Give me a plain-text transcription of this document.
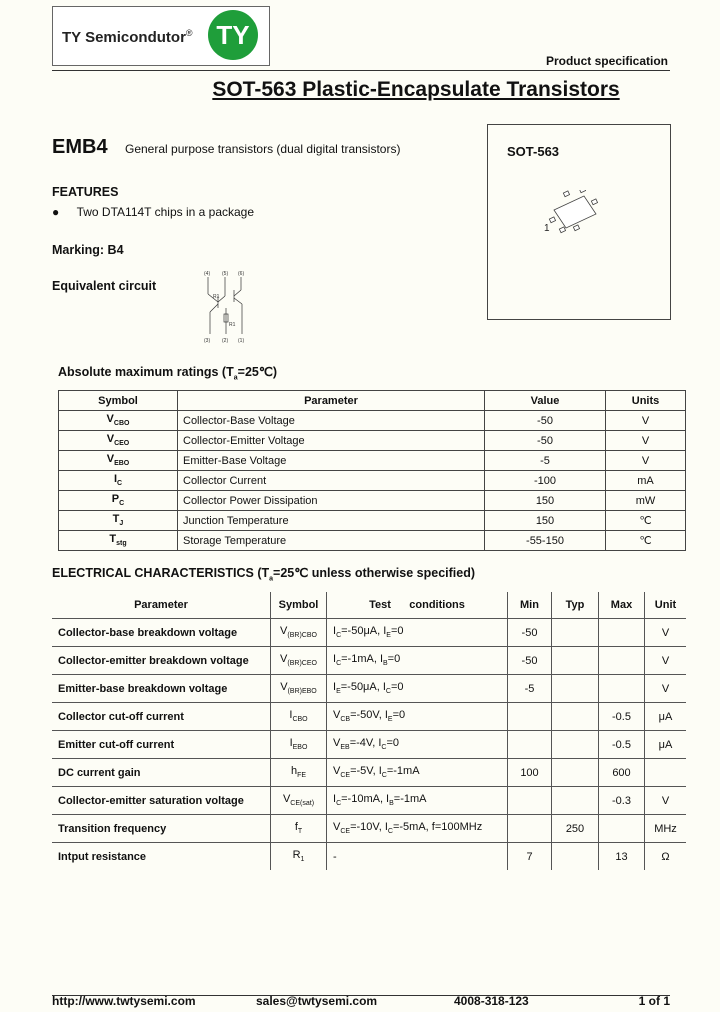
TY Semicondutor® TY
Product specification
SOT-563 Plastic-Encapsulate Transistors
SOT-563
1
EMB4 General purpose transistors (dual digital transistors)
FEATURES
● Two DTA114T chips in a package
Marking: B4
Equivalent circuit
(4) (5) (6)
(3) (2) (1)
R1
R1
Absolute maximum ratings $(T_a=25℃)$
Symbol	Parameter	Value	Units
$V_{CBO}$	Collector-Base Voltage	-50	V
$V_{CEO}$	Collector-Emitter Voltage	-50	V
$V_{EBO}$	Emitter-Base Voltage	-5	V
$I_C$	Collector Current	-100	mA
$P_C$	Collector Power Dissipation	150	mW
$T_J$	Junction Temperature	150	℃
$T_{stg}$	Storage Temperature	-55-150	℃
ELECTRICAL CHARACTERISTICS ($T_a=25℃$ unless otherwise specified)
Parameter	Symbol	Test      conditions	Min	Typ	Max	Unit
Collector-base breakdown voltage	$V_{(BR)CBO}$	$I_C=-50\mu A$, $I_E=0$	-50			V
Collector-emitter breakdown voltage	$V_{(BR)CEO}$	$I_C=-1mA$, $I_B=0$	-50			V
Emitter-base breakdown voltage	$V_{(BR)EBO}$	$I_E=-50\mu A$, $I_C=0$	-5			V
Collector cut-off current	$I_{CBO}$	$V_{CB}=-50V$, $I_E=0$			-0.5	μA
Emitter cut-off current	$I_{EBO}$	$V_{EB}=-4V$, $I_C=0$			-0.5	μA
DC current gain	$h_{FE}$	$V_{CE}=-5V$, $I_C=-1mA$	100		600	
Collector-emitter saturation voltage	$V_{CE(sat)}$	$I_C=-10mA$, $I_B=-1mA$			-0.3	V
Transition frequency	$f_T$	$V_{CE}=-10V$, $I_C=-5mA$, f=100MHz		250		MHz
Intput resistance	$R_1$	-	7		13	Ω
http://www.twtysemi.com	sales@twtysemi.com	4008-318-123	1 of 1
